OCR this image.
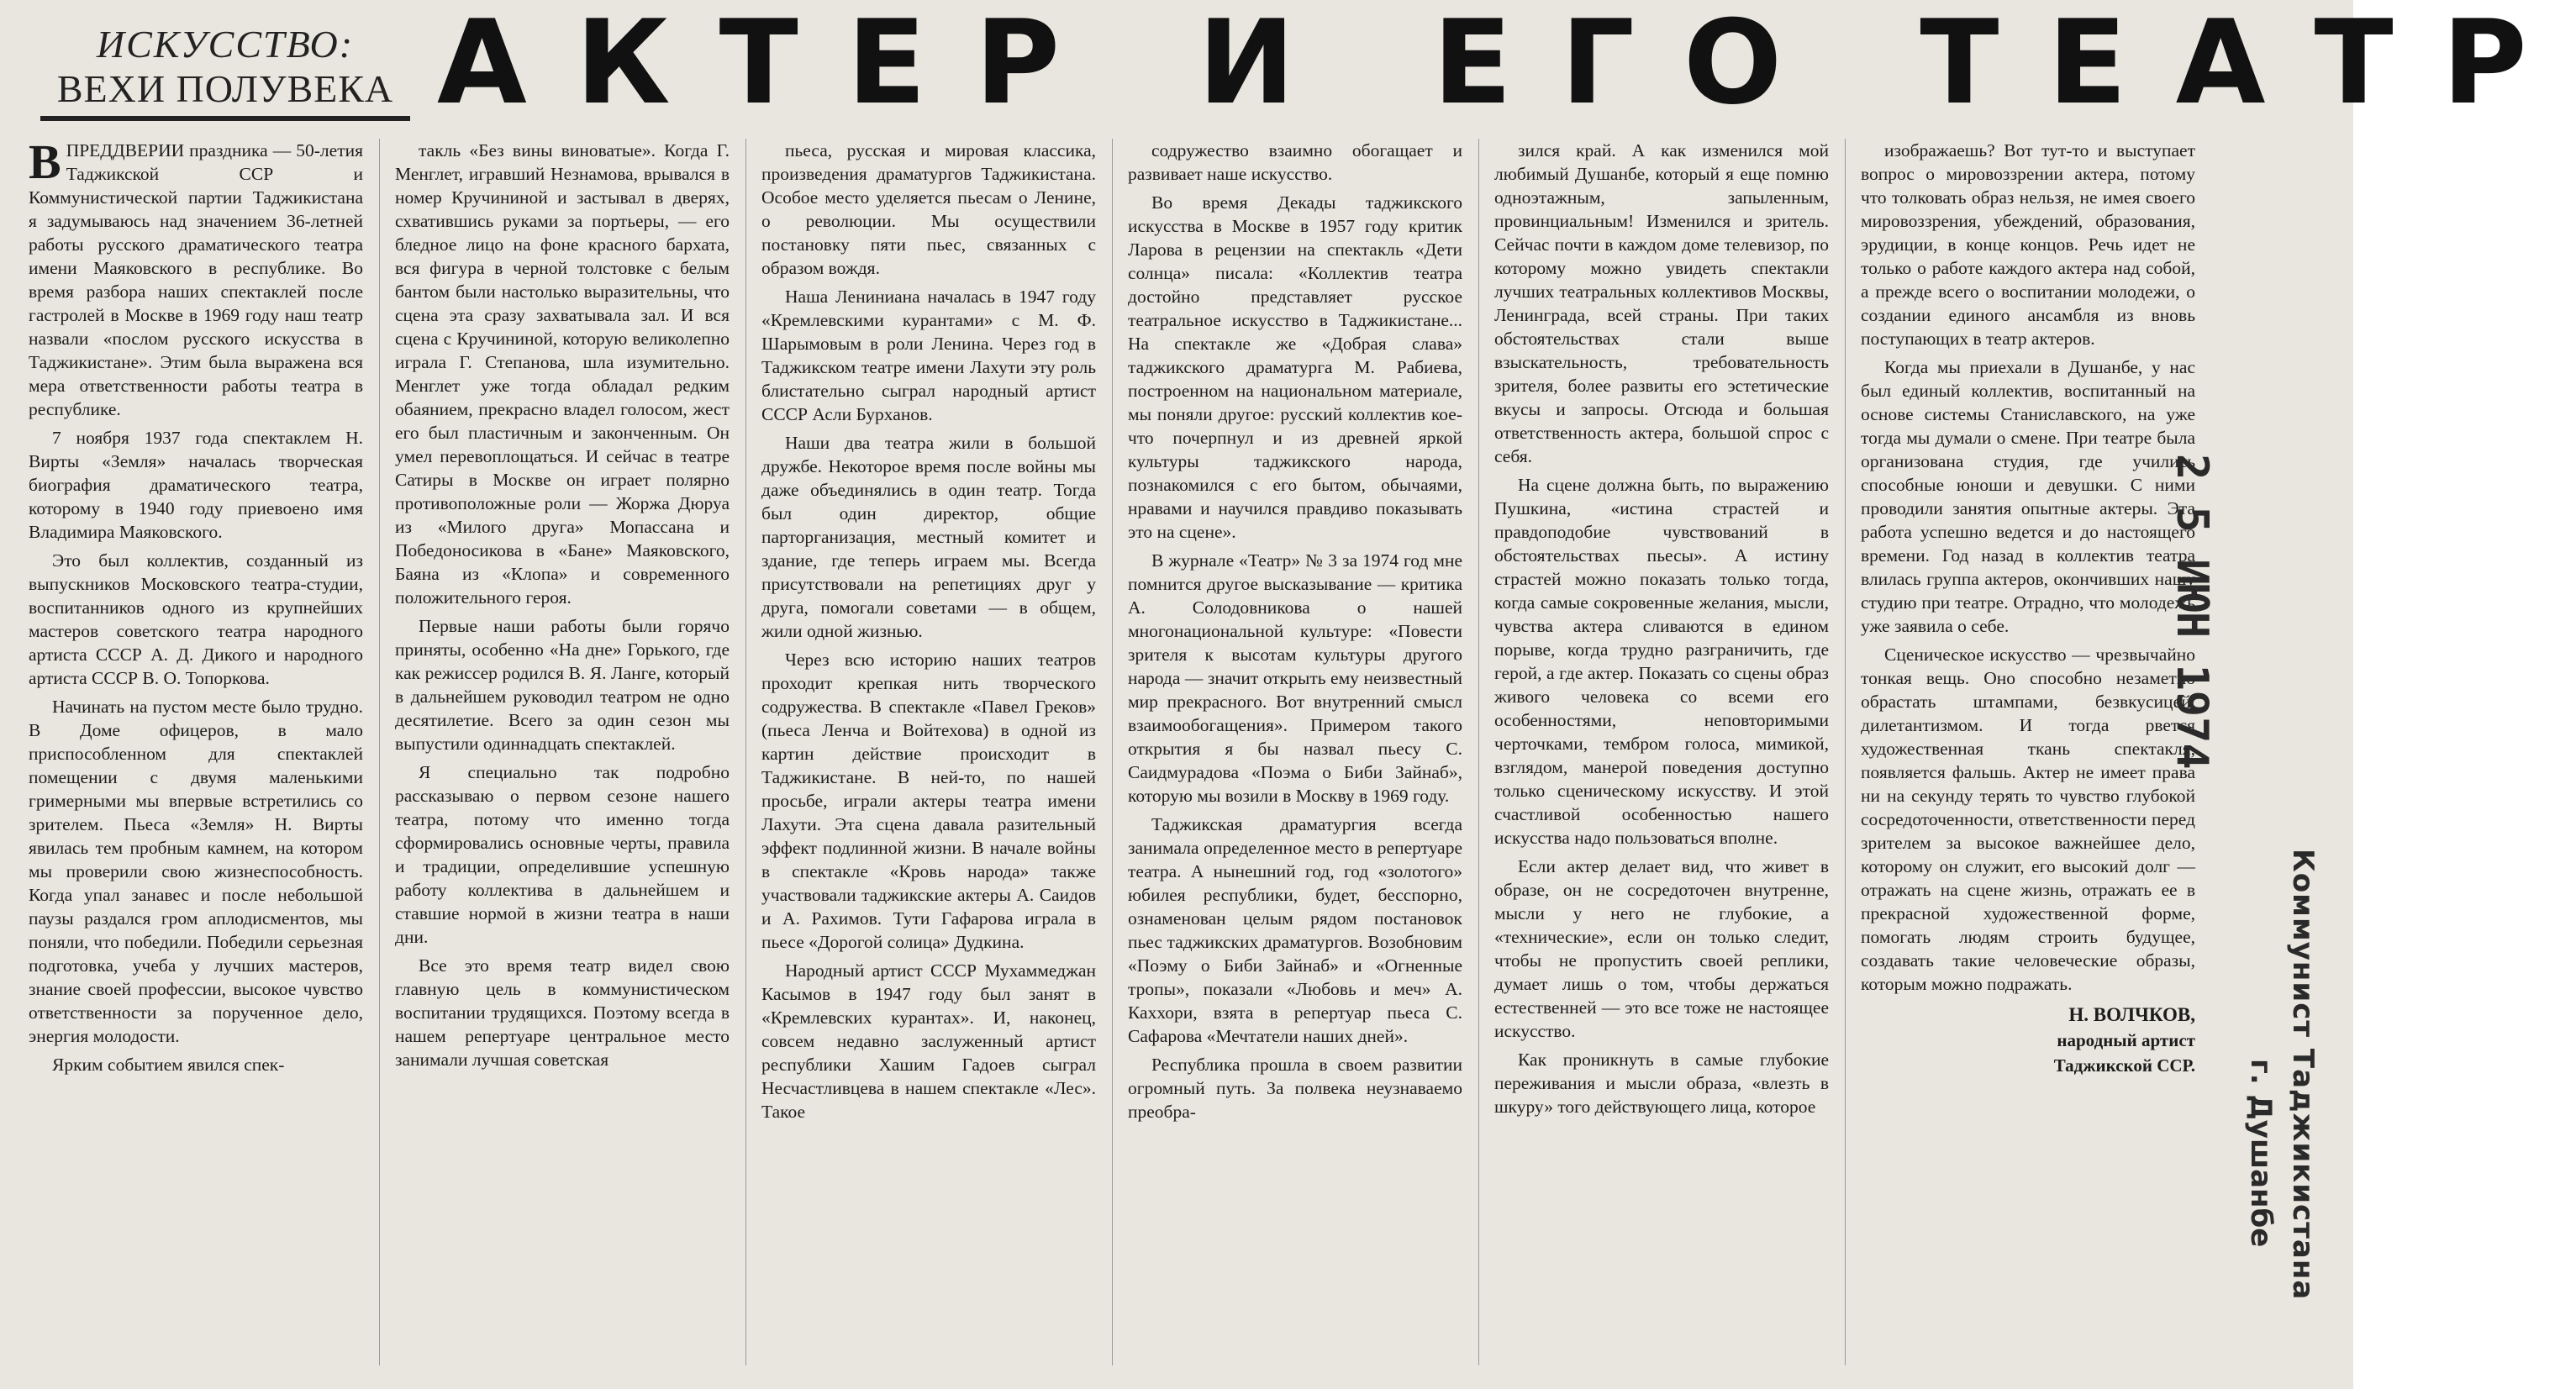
ИСКУССТВО:
ВЕХИ ПОЛУВЕКА АКТЕР И ЕГО ТЕАТР

ВПРЕДДВЕРИИ праздника — 50-летия Таджикской ССР и Коммунистической партии Таджикистана я задумываюсь над значением 36-летней работы русского драматического театра имени Маяковского в республике. Во время разбора наших спектаклей после гастролей в Москве в 1969 году наш театр назвали «послом русского искусства в Таджикистане». Этим была выражена вся мера ответственности работы театра в республике.

7 ноября 1937 года спектаклем Н. Вирты «Земля» началась творческая биография драматического театра, которому в 1940 году приевоено имя Владимира Маяковского.

Это был коллектив, созданный из выпускников Московского театра-студии, воспитанников одного из крупнейших мастеров советского театра народного артиста СССР А. Д. Дикого и народного артиста СССР В. О. Топоркова.

Начинать на пустом месте было трудно. В Доме офицеров, в мало приспособленном для спектаклей помещении с двумя маленькими гримерными мы впервые встретились со зрителем. Пьеса «Земля» Н. Вирты явилась тем пробным камнем, на котором мы проверили свою жизнеспособность. Когда упал занавес и после небольшой паузы раздался гром аплодисментов, мы поняли, что победили. Победили серьезная подготовка, учеба у лучших мастеров, знание своей профессии, высокое чувство ответственности за порученное дело, энергия молодости.

Ярким событием явился спек-

такль «Без вины виноватые». Когда Г. Менглет, игравший Незнамова, врывался в номер Кручининой и застывал в дверях, схватившись руками за портьеры, — его бледное лицо на фоне красного бархата, вся фигура в черной толстовке с белым бантом были настолько выразительны, что сцена эта сразу захватывала зал. И вся сцена с Кручининой, которую великолепно играла Г. Степанова, шла изумительно. Менглет уже тогда обладал редким обаянием, прекрасно владел голосом, жест его был пластичным и законченным. Он умел перевоплощаться. И сейчас в театре Сатиры в Москве он играет полярно противоположные роли — Жоржа Дюруа из «Милого друга» Мопассана и Победоносикова в «Бане» Маяковского, Баяна из «Клопа» и современного положительного героя.

Первые наши работы были горячо приняты, особенно «На дне» Горького, где как режиссер родился В. Я. Ланге, который в дальнейшем руководил театром не одно десятилетие. Всего за один сезон мы выпустили одиннадцать спектаклей.

Я специально так подробно рассказываю о первом сезоне нашего театра, потому что именно тогда сформировались основные черты, правила и традиции, определившие успешную работу коллектива в дальнейшем и ставшие нормой в жизни театра в наши дни.

Все это время театр видел свою главную цель в коммунистическом воспитании трудящихся. Поэтому всегда в нашем репертуаре центральное место занимали лучшая советская

пьеса, русская и мировая классика, произведения драматургов Таджикистана. Особое место уделяется пьесам о Ленине, о революции. Мы осуществили постановку пяти пьес, связанных с образом вождя.

Наша Лениниана началась в 1947 году «Кремлевскими курантами» с М. Ф. Шарымовым в роли Ленина. Через год в Таджикском театре имени Лахути эту роль блистательно сыграл народный артист СССР Асли Бурханов.

Наши два театра жили в большой дружбе. Некоторое время после войны мы даже объединялись в один театр. Тогда был один директор, общие парторганизация, местный комитет и здание, где теперь играем мы. Всегда присутствовали на репетициях друг у друга, помогали советами — в общем, жили одной жизнью.

Через всю историю наших театров проходит крепкая нить творческого содружества. В спектакле «Павел Греков» (пьеса Ленча и Войтехова) в одной из картин действие происходит в Таджикистане. В ней-то, по нашей просьбе, играли актеры театра имени Лахути. Эта сцена давала разительный эффект подлинной жизни. В начале войны в спектакле «Кровь народа» также участвовали таджикские актеры А. Саидов и А. Рахимов. Тути Гафарова играла в пьесе «Дорогой солица» Дудкина.

Народный артист СССР Мухаммеджан Касымов в 1947 году был занят в «Кремлевских курантах». И, наконец, совсем недавно заслуженный артист республики Хашим Гадоев сыграл Несчастливцева в нашем спектакле «Лес». Такое

содружество взаимно обогащает и развивает наше искусство.

Во время Декады таджикского искусства в Москве в 1957 году критик Ларова в рецензии на спектакль «Дети солнца» писала: «Коллектив театра достойно представляет русское театральное искусство в Таджикистане... На спектакле же «Добрая слава» таджикского драматурга М. Рабиева, построенном на национальном материале, мы поняли другое: русский коллектив кое-что почерпнул и из древней яркой культуры таджикского народа, познакомился с его бытом, обычаями, нравами и научился правдиво показывать это на сцене».

В журнале «Театр» № 3 за 1974 год мне помнится другое высказывание — критика А. Солодовникова о нашей многонациональной культуре: «Повести зрителя к высотам культуры другого народа — значит открыть ему неизвестный мир прекрасного. Вот внутренний смысл взаимообогащения». Примером такого открытия я бы назвал пьесу С. Саидмурадова «Поэма о Биби Зайнаб», которую мы возили в Москву в 1969 году.

Таджикская драматургия всегда занимала определенное место в репертуаре театра. А нынешний год, год «золотого» юбилея республики, будет, бесспорно, ознаменован целым рядом постановок пьес таджикских драматургов. Возобновим «Поэму о Биби Зайнаб» и «Огненные тропы», показали «Любовь и меч» А. Каххори, взята в репертуар пьеса С. Сафарова «Мечтатели наших дней».

Республика прошла в своем развитии огромный путь. За полвека неузнаваемо преобра-

зился край. А как изменился мой любимый Душанбе, который я еще помню одноэтажным, запыленным, провинциальным! Изменился и зритель. Сейчас почти в каждом доме телевизор, по которому можно увидеть спектакли лучших театральных коллективов Москвы, Ленинграда, всей страны. При таких обстоятельствах стали выше взыскательность, требовательность зрителя, более развиты его эстетические вкусы и запросы. Отсюда и большая ответственность актера, большой спрос с себя.

На сцене должна быть, по выражению Пушкина, «истина страстей и правдоподобие чувствований в обстоятельствах пьесы». А истину страстей можно показать только тогда, когда самые сокровенные желания, мысли, чувства актера сливаются в едином порыве, когда трудно разграничить, где герой, а где актер. Показать со сцены образ живого человека со всеми его особенностями, неповторимыми черточками, тембром голоса, мимикой, взглядом, манерой поведения доступно только сценическому искусству. И этой счастливой особенностью нашего искусства надо пользоваться вполне.

Если актер делает вид, что живет в образе, он не сосредоточен внутренне, мысли у него не глубокие, а «технические», если он только следит, чтобы не пропустить своей реплики, думает лишь о том, чтобы держаться естественней — это все тоже не настоящее искусство.

Как проникнуть в самые глубокие переживания и мысли образа, «влезть в шкуру» того действующего лица, которое

изображаешь? Вот тут-то и выступает вопрос о мировоззрении актера, потому что толковать образ нельзя, не имея своего мировоззрения, убеждений, образования, эрудиции, в конце концов. Речь идет не только о работе каждого актера над собой, а прежде всего о воспитании молодежи, о создании единого ансамбля из вновь поступающих в театр актеров.

Когда мы приехали в Душанбе, у нас был единый коллектив, воспитанный на основе системы Станиславского, на уже тогда мы думали о смене. При театре была организована студия, где учились способные юноши и девушки. С ними проводили занятия опытные актеры. Эта работа успешно ведется и до настоящего времени. Год назад в коллектив театра влилась группа актеров, окончивших нашу студию при театре. Отрадно, что молодежь уже заявила о себе.

Сценическое искусство — чрезвычайно тонкая вещь. Оно способно незаметно обрастать штампами, безвкусицей, дилетантизмом. И тогда рвется художественная ткань спектакля, появляется фальшь. Актер не имеет права ни на секунду терять то чувство глубокой сосредоточенности, ответственности перед зрителем за высокое важнейшее дело, которому он служит, его высокий долг — отражать на сцене жизнь, отражать ее в прекрасной художественной форме, помогать людям строить будущее, создавать такие человеческие образы, которым можно подражать.

Н. ВОЛЧКОВ,
народный артист
Таджикской ССР.
2 5 ИЮН 1974
Коммунист Таджикистана
г. Душанбе
